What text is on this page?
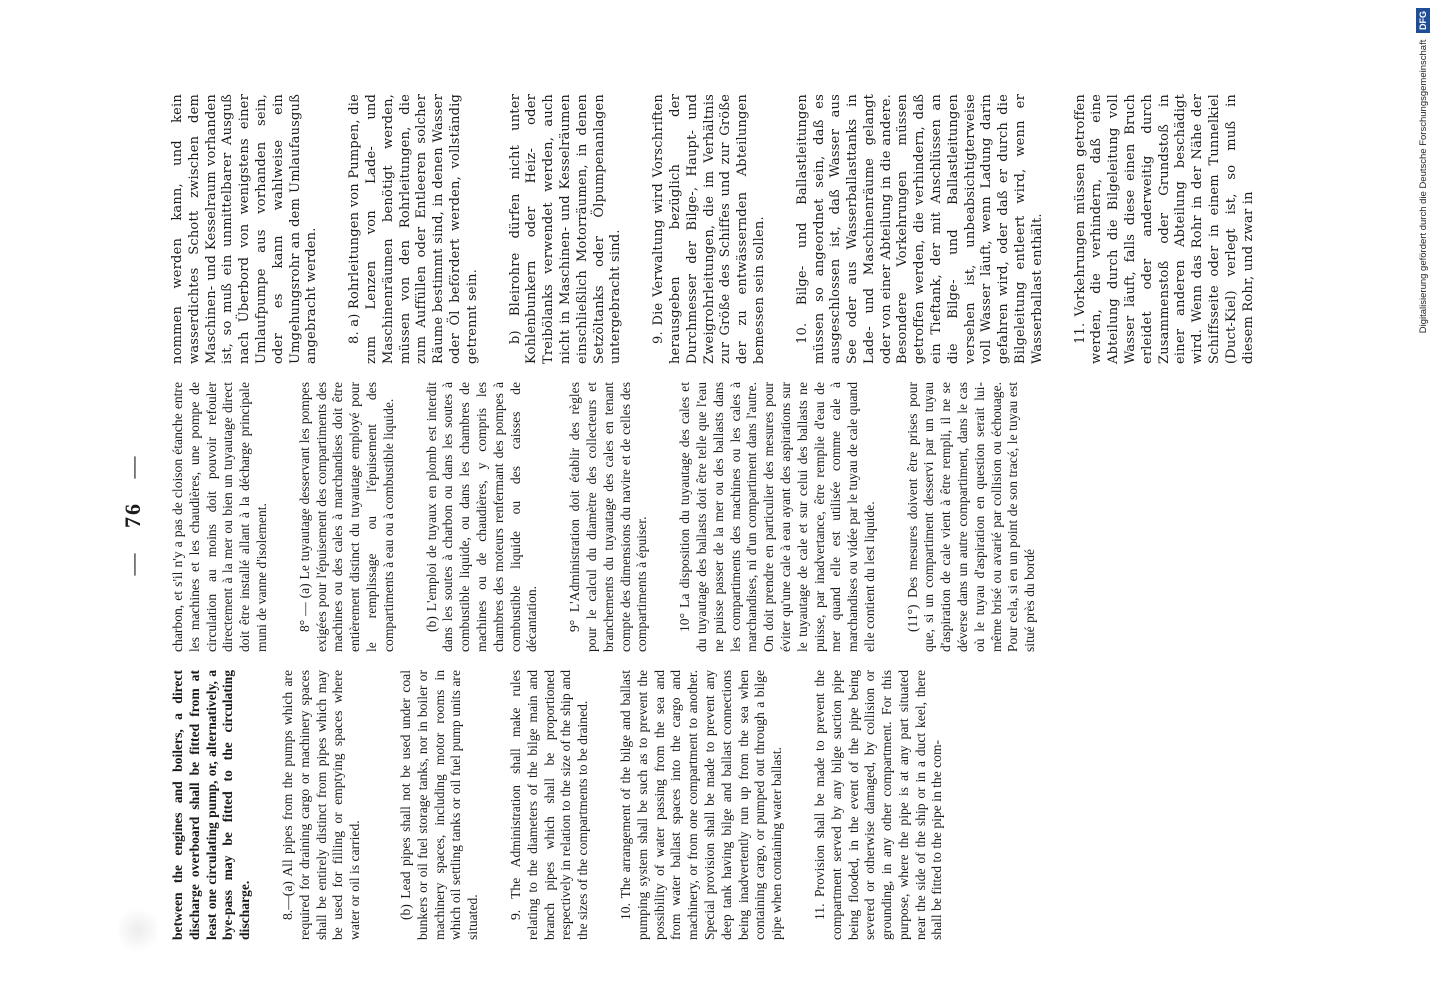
— 76 —

between the engines and boilers, a direct discharge overboard shall be fitted from at least one circulating pump, or, alternatively, a bye-pass may be fitted to the circulating discharge. 8.—(a) All pipes from the pumps which are required for draining cargo or machinery spaces shall be entirely distinct from pipes which may be used for filling or emptying spaces where water or oil is carried.	(b) Lead pipes shall not be used under coal bunkers or oil fuel storage tanks, nor in boiler or machinery spaces, including motor rooms in which oil settling tanks or oil fuel pump units are situated. 9. The Administration shall make rules relating to the diameters of the bilge main and branch pipes which shall be proportioned respectively in relation to the size of the ship and the sizes of the compartments to be drained. 10. The arrangement of the bilge and ballast pumping system shall be such as to prevent the possibility of water passing from the sea and from water ballast spaces into the cargo and machinery, or from one compartment to another. Special provision shall be made to prevent any deep tank having bilge and ballast connections being inadvertently run up from the sea when containing cargo, or pumped out through a bilge pipe when containing water ballast. 11. Provision shall be made to prevent the compartment served by any bilge suction pipe being flooded, in the event of the pipe being severed or otherwise damaged, by collision or grounding, in any other compartment. For this purpose, where the pipe is at any part situated near the side of the ship or in a duct keel, there shall be fitted to the pipe in the com-

charbon, et s'il n'y a pas de cloison étanche entre les machines et les chaudières, une pompe de circulation au moins doit pouvoir refouler directement à la mer ou bien un tuyautage direct doit être installé allant à la décharge principale muni de vanne d'isolement. 8° — (a) Le tuyautage desservant les pompes exigées pour l'épuisement des compartiments des machines ou des cales à marchandises doit être entièrement distinct du tuyautage employé pour le remplissage ou l'épuisement des compartiments à eau ou à combustible liquide. (b) L'emploi de tuyaux en plomb est interdit dans les soutes à charbon ou dans les soutes à combustible liquide, ou dans les chambres de machines ou de chaudières, y compris les chambres des moteurs renfermant des pompes à combustible liquide ou des caisses de décantation. 9° L'Administration doit établir des règles pour le calcul du diamètre des collecteurs et branchements du tuyautage des cales en tenant compte des dimensions du navire et de celles des compartiments à épuiser. 10° La disposition du tuyautage des cales et du tuyautage des ballasts doit être telle que l'eau ne puisse passer de la mer ou des ballasts dans les compartiments des machines ou les cales à marchandises, ni d'un compartiment dans l'autre. On doit prendre en particulier des mesures pour éviter qu'une cale à eau ayant des aspirations sur le tuyautage de cale et sur celui des ballasts ne puisse, par inadvertance, être remplie d'eau de mer quand elle est utilisée comme cale à marchandises ou vidée par le tuyau de cale quand elle contient du lest liquide. (11°) Des mesures doivent être prises pour que, si un compartiment desservi par un tuyau d'aspiration de cale vient à être rempli, il ne se déverse dans un autre compartiment, dans le cas où le tuyau d'aspiration en question serait lui-même brisé ou avarié par collision ou échouage. Pour cela, si en un point de son tracé, le tuyau est situé près du bordé

nommen werden kann, und kein wasserdichtes Schott zwischen dem Maschinen- und Kesselraum vorhanden ist, so muß ein unmittelbarer Ausguß nach Überbord von wenigstens einer Umlaufpumpe aus vorhanden sein, oder es kann wahlweise ein Umgehungsrohr an dem Umlaufausguß angebracht werden. 8. a) Rohrleitungen von Pumpen, die zum Lenzen von Lade- und Maschinenräumen benötigt werden, müssen von den Rohrleitungen, die zum Auffüllen oder Entleeren solcher Räume bestimmt sind, in denen Wasser oder Öl befördert werden, vollständig getrennt sein. b) Bleirohre dürfen nicht unter Kohlenbunkern oder Heiz- oder Treibölanks verwendet werden, auch nicht in Maschinen- und Kesselräumen einschließlich Motorräumen, in denen Setzöltanks oder Ölpumpenanlagen untergebracht sind. 9. Die Verwaltung wird Vorschriften herausgeben bezüglich der Durchmesser der Bilge-, Haupt- und Zweigrohrleitungen, die im Verhältnis zur Größe des Schiffes und zur Größe der zu entwässernden Abteilungen bemessen sein sollen. 10. Bilge- und Ballastleitungen müssen so angeordnet sein, daß es ausgeschlossen ist, daß Wasser aus See oder aus Wasserballasttanks in Lade- und Maschinenräume gelangt oder von einer Abteilung in die andere. Besondere Vorkehrungen müssen getroffen werden, die verhindern, daß ein Tieftank, der mit Anschlüssen an die Bilge- und Ballastleitungen versehen ist, unbeabsichtigterweise voll Wasser läuft, wenn Ladung darin gefahren wird, oder daß er durch die Bilgeleitung entleert wird, wenn er Wasserballast enthält. 11. Vorkehrungen müssen getroffen werden, die verhindern, daß eine Abteilung durch die Bilgeleitung voll Wasser läuft, falls diese einen Bruch erleidet oder anderweitig durch Zusammenstoß oder Grundstoß in einer anderen Abteilung beschädigt wird. Wenn das Rohr in der Nähe der Schiffsseite oder in einem Tunnelkiel (Duct-Kiel) verlegt ist, so muß in diesem Rohr, und zwar in	Digitalisierung gefördert durch die Deutsche Forschungsgemeinschaft DFG
